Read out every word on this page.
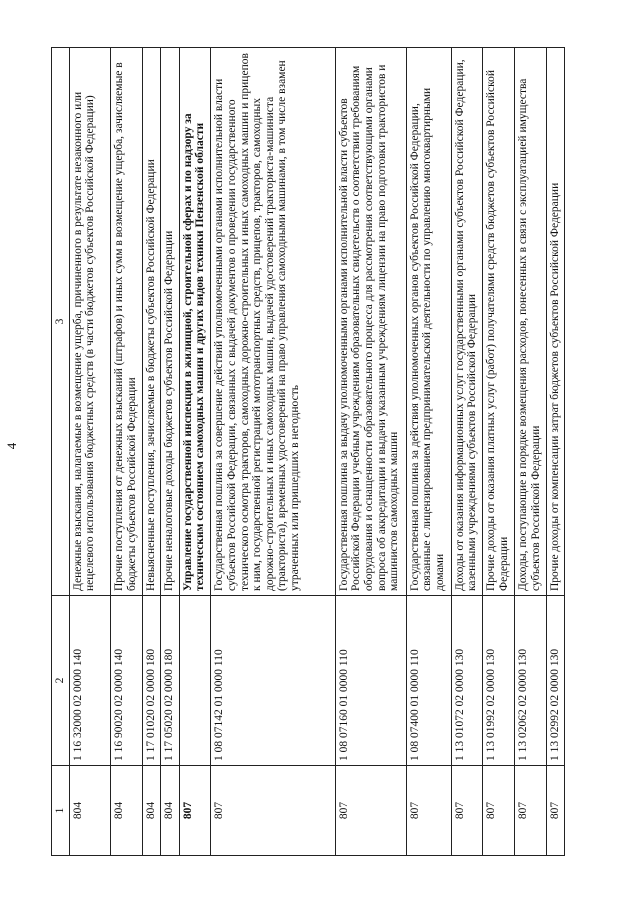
4
1	2	3
804	1 16 32000 02 0000 140	Денежные взыскания, налагаемые в возмещение ущерба, причиненного в результате незаконного или нецелевого использования бюджетных средств (в части бюджетов субъектов Российской Федерации)
804	1 16 90020 02 0000 140	Прочие поступления от денежных взысканий (штрафов) и иных сумм в возмещение ущерба, зачисляемые в бюджеты субъектов Российской Федерации
804	1 17 01020 02 0000 180	Невыясненные поступления, зачисляемые в бюджеты субъектов Российской Федерации
804	1 17 05020 02 0000 180	Прочие неналоговые доходы бюджетов субъектов Российской Федерации
807		Управление государственной инспекции в жилищной, строительной сферах и по надзору за техническим состоянием самоходных машин и других видов техники Пензенской области
807	1 08 07142 01 0000 110	Государственная пошлина за совершение действий уполномоченными органами исполнительной власти субъектов Российской Федерации, связанных с выдачей документов о проведении государственного технического осмотра тракторов, самоходных дорожно-строительных и иных самоходных машин и прицепов к ним, государственной регистрацией мототранспортных средств, прицепов, тракторов, самоходных дорожно-строительных и иных самоходных машин, выдачей удостоверений тракториста-машиниста (тракториста), временных удостоверений на право управления самоходными машинами, в том числе взамен утраченных или пришедших в негодность
807	1 08 07160 01 0000 110	Государственная пошлина за выдачу уполномоченными органами исполнительной власти субъектов Российской Федерации учебным учреждениям образовательных свидетельств о соответствии требованиям оборудования и оснащенности образовательного процесса для рассмотрения соответствующими органами вопроса об аккредитации и выдачи указанным учреждениям лицензии на право подготовки трактористов и машинистов самоходных машин
807	1 08 07400 01 0000 110	Государственная пошлина за действия уполномоченных органов субъектов Российской Федерации, связанные с лицензированием предпринимательской деятельности по управлению многоквартирными домами
807	1 13 01072 02 0000 130	Доходы от оказания информационных услуг государственными органами субъектов Российской Федерации, казенными учреждениями субъектов Российской Федерации
807	1 13 01992 02 0000 130	Прочие доходы от оказания платных услуг (работ) получателями средств бюджетов субъектов Российской Федерации
807	1 13 02062 02 0000 130	Доходы, поступающие в порядке возмещения расходов, понесенных в связи с эксплуатацией имущества субъектов Российской Федерации
807	1 13 02992 02 0000 130	Прочие доходы от компенсации затрат бюджетов субъектов Российской Федерации
